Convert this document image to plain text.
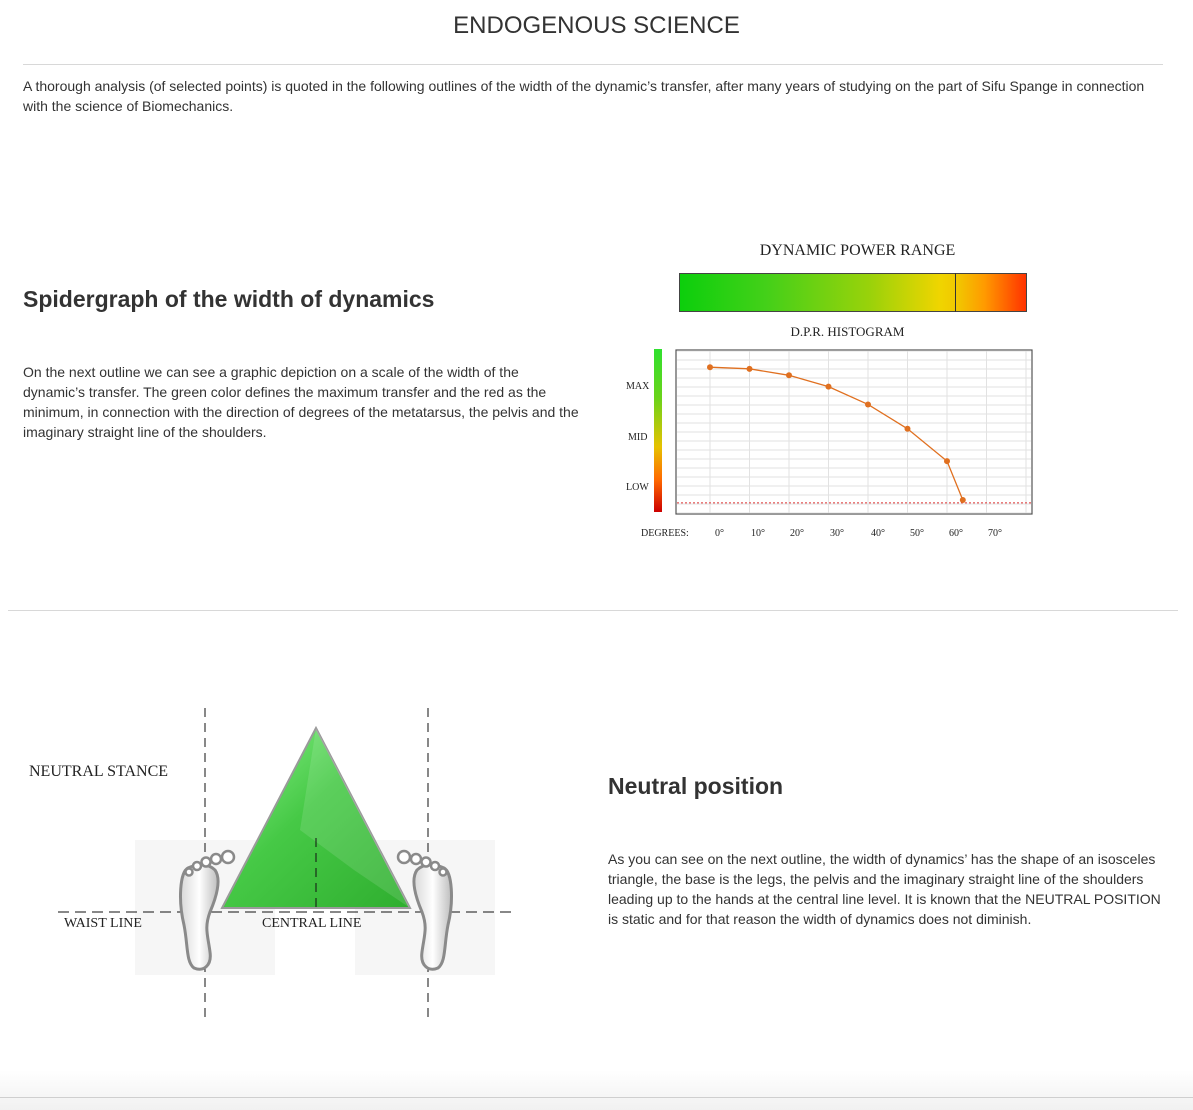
ENDOGENOUS SCIENCE
A thorough analysis (of selected points) is quoted in the following outlines of the width of the dynamic’s transfer, after many years of studying on the part of Sifu Spange in connection with the science of Biomechanics.
Spidergraph of the width of dynamics
On the next outline we can see a graphic depiction on a scale of the width of the dynamic’s transfer. The green color defines the maximum transfer and the red as the minimum, in connection with the direction of degrees of the metatarsus, the pelvis and the imaginary straight line of the shoulders.
DYNAMIC POWER RANGE
D.P.R. HISTOGRAM
MAX
MID
LOW
DEGREES:	0°	10°	20°	30°	40°	50°	60°	70°
NEUTRAL STANCE
WAIST LINE	CENTRAL LINE
Neutral position
As you can see on the next outline, the width of dynamics’ has the shape of an isosceles triangle, the base is the legs, the pelvis and the imaginary straight line of the shoulders leading up to the hands at the central line level. It is known that the NEUTRAL POSITION is static and for that reason the width of dynamics does not diminish.
